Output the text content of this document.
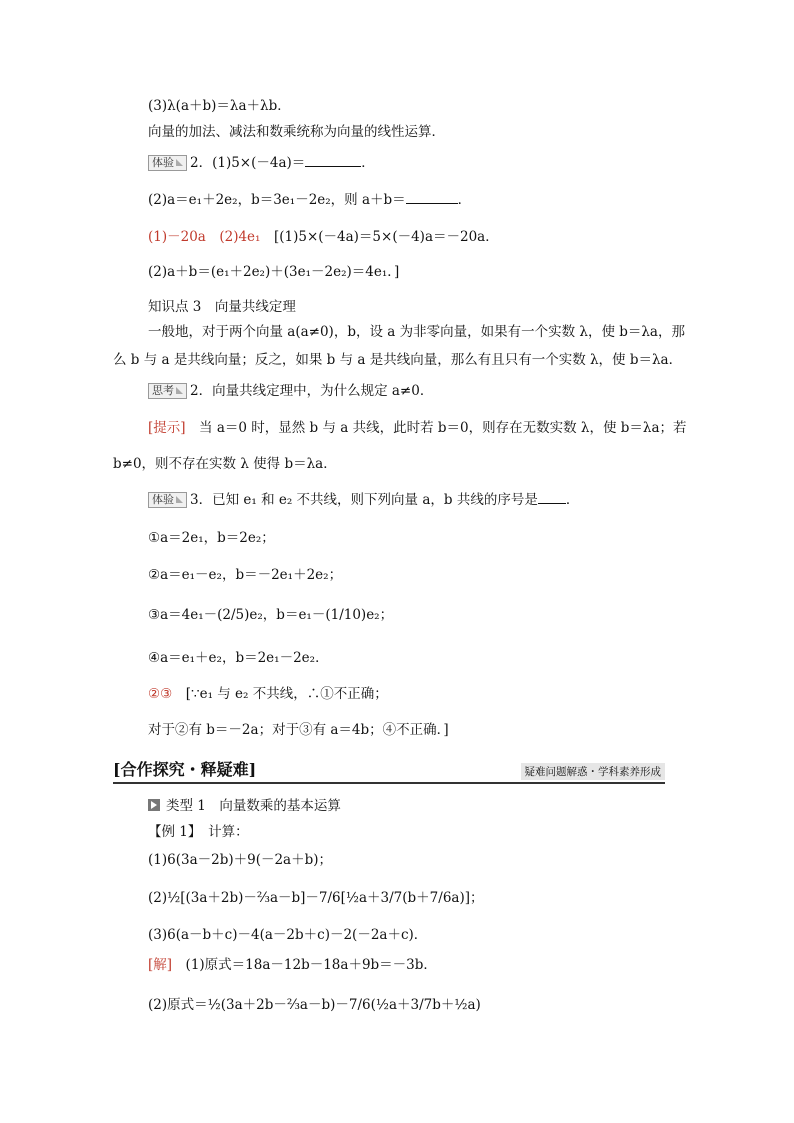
(3)λ(a＋b)＝λa＋λb．
向量的加法、减法和数乘统称为向量的线性运算．
体验 2．(1)5×(－4a)＝	．
(2)a＝e₁＋2e₂，b＝3e₁－2e₂，则 a＋b＝	．
(1)－20a　(2)4e₁　 [(1)5×(－4a)＝5×(－4)a＝－20a．
(2)a＋b＝(e₁＋2e₂)＋(3e₁－2e₂)＝4e₁．]
知识点 3　向量共线定理
一般地，对于两个向量 a(a≠0)，b，设 a 为非零向量，如果有一个实数 λ，使 b＝λa，那
么 b 与 a 是共线向量；反之，如果 b 与 a 是共线向量，那么有且只有一个实数 λ，使 b＝λa．
思考 2．向量共线定理中，为什么规定 a≠0．
[提示]　 当 a＝0 时，显然 b 与 a 共线，此时若 b＝0，则存在无数实数 λ，使 b＝λa；若
b≠0，则不存在实数 λ 使得 b＝λa．
体验 3．已知 e₁ 和 e₂ 不共线，则下列向量 a，b 共线的序号是 ．
①a＝2e₁，b＝2e₂；
②a＝e₁－e₂，b＝－2e₁＋2e₂；
③a＝4e₁－(2/5)e₂，b＝e₁－(1/10)e₂；
④a＝e₁＋e₂，b＝2e₁－2e₂．
②③　 [∵e₁ 与 e₂ 不共线，∴①不正确；
对于②有 b＝－2a；对于③有 a＝4b；④不正确．]
[合作探究・释疑难]	疑难问题解惑・学科素养形成
类型 1　向量数乘的基本运算
【例 1】　计算：
(1)6(3a－2b)＋9(－2a＋b)；
(2)½[(3a＋2b)－⅔a－b]－7/6[½a＋3/7(b＋7/6a)]；
(3)6(a－b＋c)－4(a－2b＋c)－2(－2a＋c)．
[解]　 (1)原式＝18a－12b－18a＋9b＝－3b．
(2)原式＝½(3a＋2b－⅔a－b)－7/6(½a＋3/7b＋½a)
